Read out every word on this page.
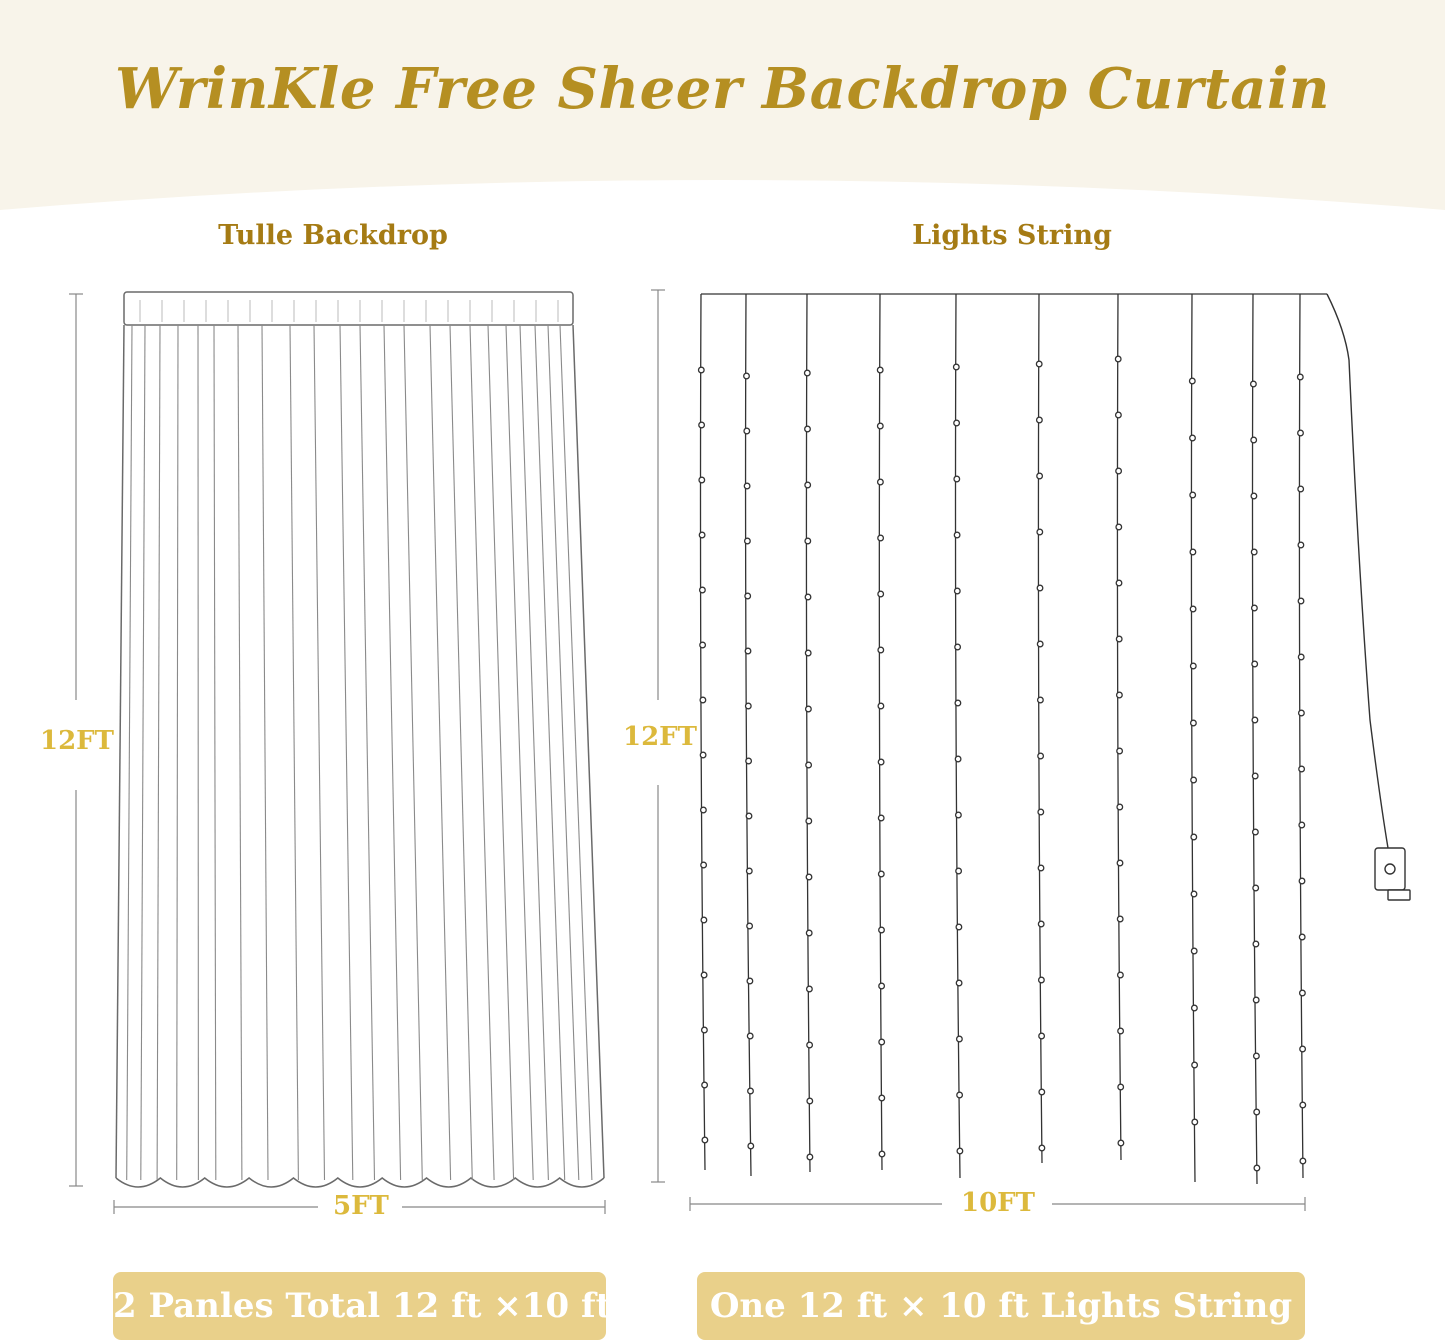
WrinKle Free Sheer Backdrop Curtain
Tulle Backdrop	Lights String
12FT
5FT
12FT
10FT
2 Panles Total 12 ft ×10 ft	One 12 ft × 10 ft Lights String
